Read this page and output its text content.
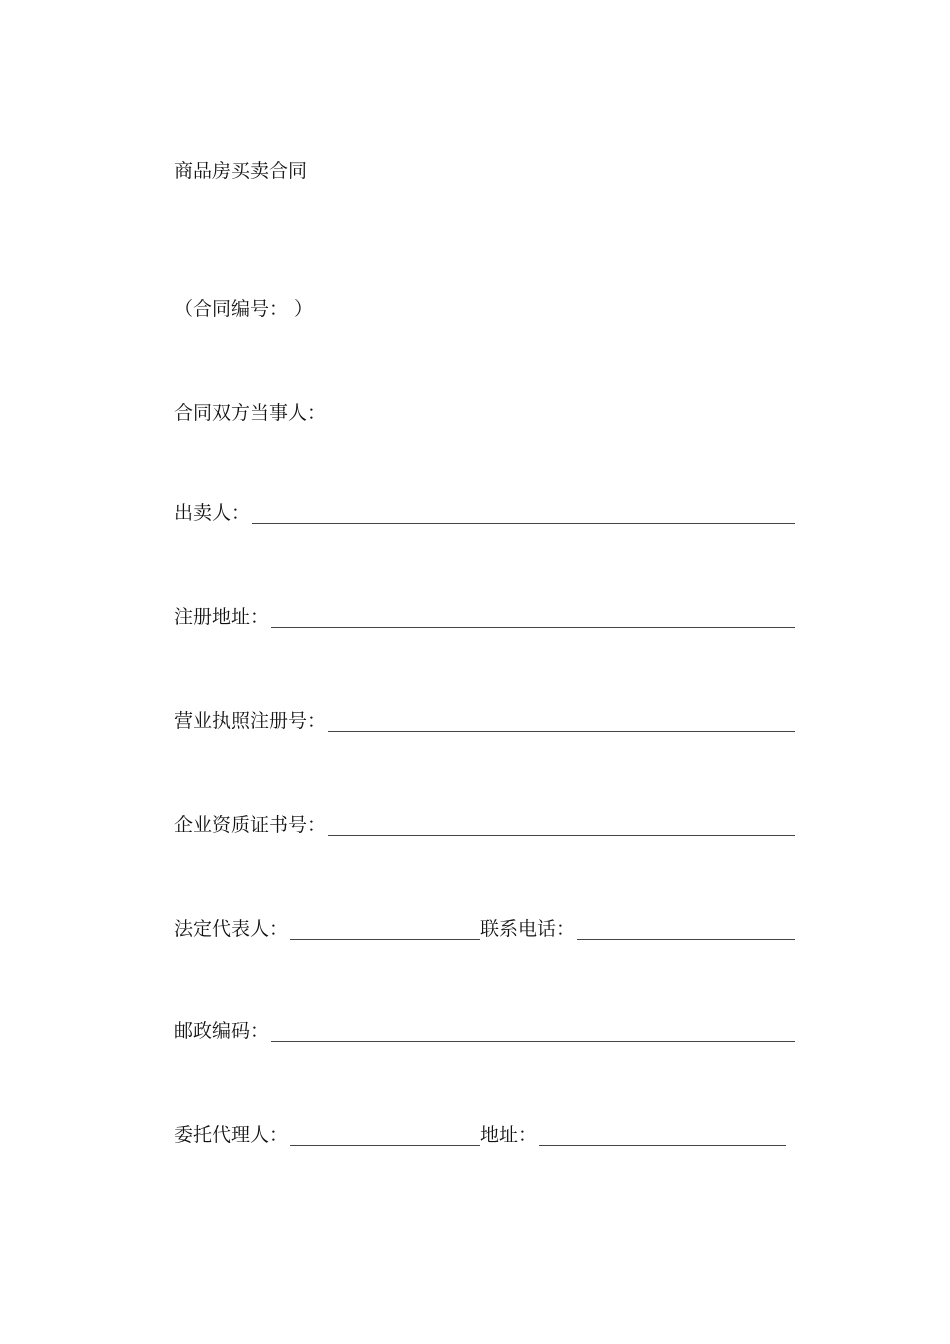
商品房买卖合同
（合同编号： ）
合同双方当事人：
出卖人：
注册地址：
营业执照注册号：
企业资质证书号：
法定代表人：	联系电话：
邮政编码：
委托代理人：	地址：
